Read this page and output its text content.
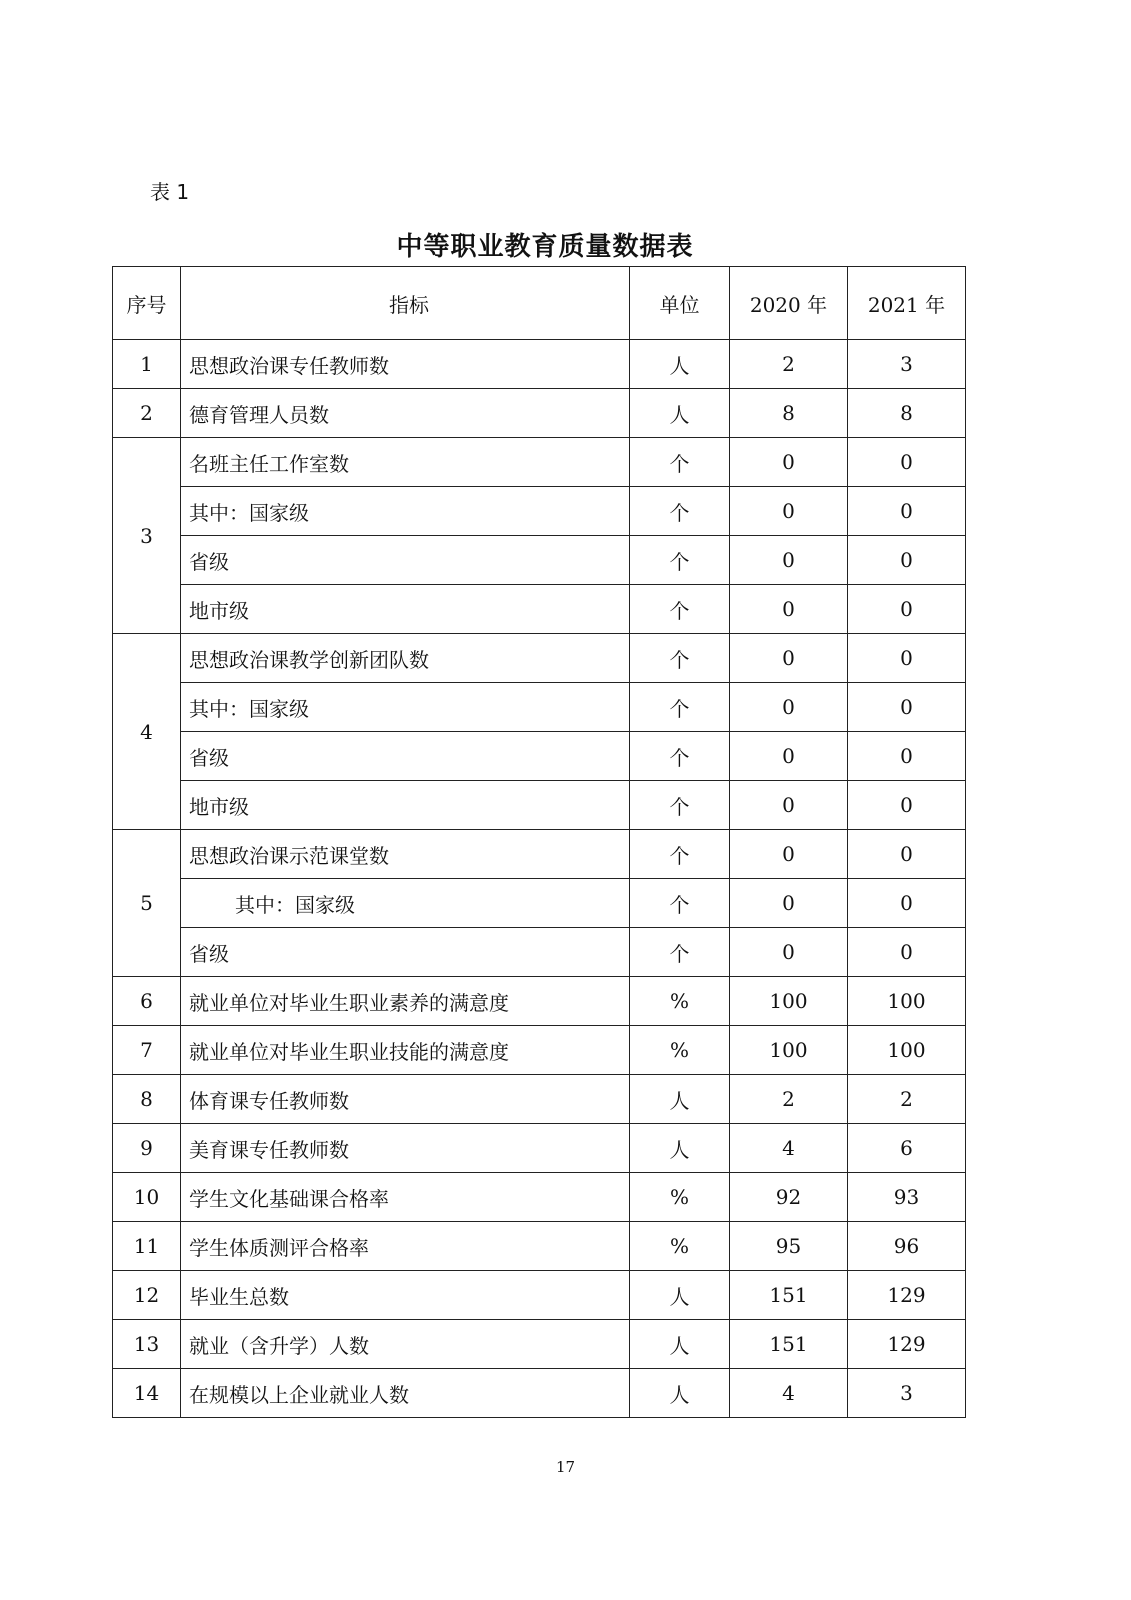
表 1
中等职业教育质量数据表
序号	指标	单位	2020 年	2021 年
1	思想政治课专任教师数	人	2	3
2	德育管理人员数	人	8	8
3	名班主任工作室数	个	0	0
	其中：国家级	个	0	0
	省级	个	0	0
	地市级	个	0	0
4	思想政治课教学创新团队数	个	0	0
	其中：国家级	个	0	0
	省级	个	0	0
	地市级	个	0	0
5	思想政治课示范课堂数	个	0	0
	其中：国家级	个	0	0
	省级	个	0	0
6	就业单位对毕业生职业素养的满意度	%	100	100
7	就业单位对毕业生职业技能的满意度	%	100	100
8	体育课专任教师数	人	2	2
9	美育课专任教师数	人	4	6
10	学生文化基础课合格率	%	92	93
11	学生体质测评合格率	%	95	96
12	毕业生总数	人	151	129
13	就业（含升学）人数	人	151	129
14	在规模以上企业就业人数	人	4	3
17
